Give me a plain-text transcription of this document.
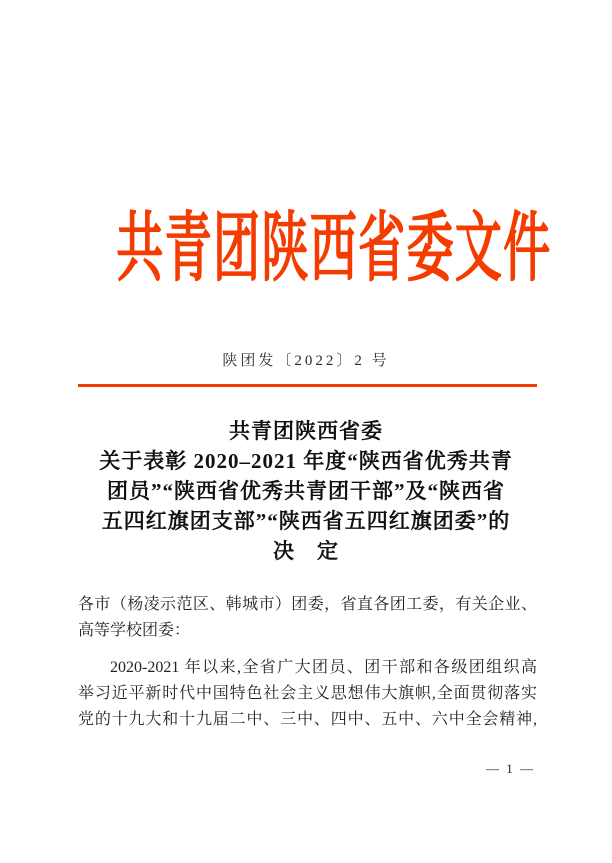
共青团陕西省委文件
陕团发〔2022〕2 号
共青团陕西省委
关于表彰 2020–2021 年度“陕西省优秀共青
团员”“陕西省优秀共青团干部”及“陕西省
五四红旗团支部”“陕西省五四红旗团委”的
决　定
各市（杨凌示范区、韩城市）团委，省直各团工委，有关企业、
高等学校团委：
2020-2021 年以来,全省广大团员、团干部和各级团组织高
举习近平新时代中国特色社会主义思想伟大旗帜,全面贯彻落实
党的十九大和十九届二中、三中、四中、五中、六中全会精神,
— 1 —
